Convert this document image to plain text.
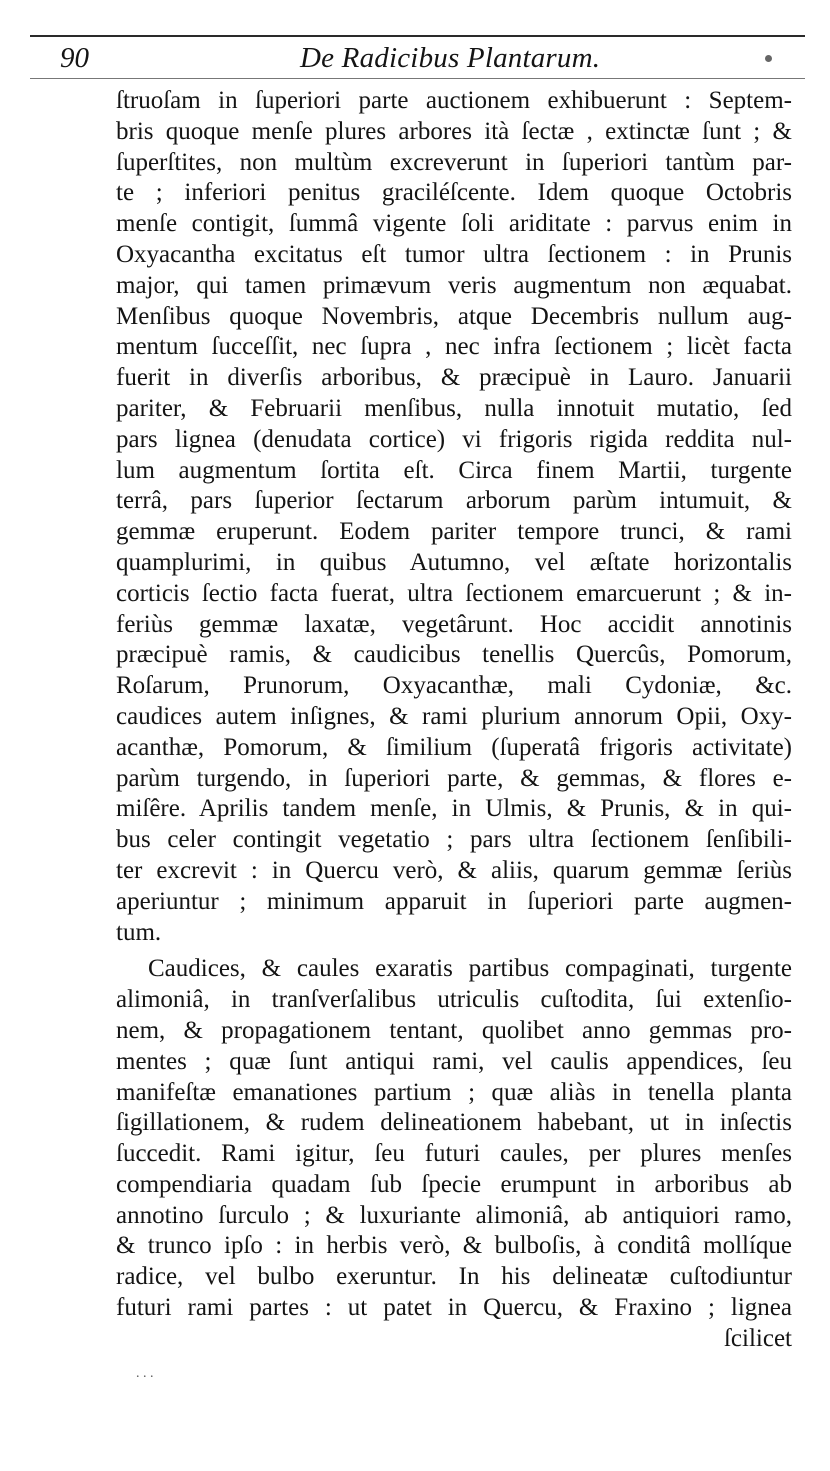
90	De Radicibus Plantarum.
ſtruoſam in ſuperiori parte auctionem exhibuerunt : Septem-
bris quoque menſe plures arbores ità ſectæ , extinctæ ſunt ; &
ſuperſtites, non multùm excreverunt in ſuperiori tantùm par-
te ; inferiori penitus graciléſcente. Idem quoque Octobris
menſe contigit, ſummâ vigente ſoli ariditate : parvus enim in
Oxyacantha excitatus eſt tumor ultra ſectionem : in Prunis
major, qui tamen primævum veris augmentum non æquabat.
Menſibus quoque Novembris, atque Decembris nullum aug-
mentum ſucceſſit, nec ſupra , nec infra ſectionem ; licèt facta
fuerit in diverſis arboribus, & præcipuè in Lauro. Januarii
pariter, & Februarii menſibus, nulla innotuit mutatio, ſed
pars lignea (denudata cortice) vi frigoris rigida reddita nul-
lum augmentum ſortita eſt. Circa finem Martii, turgente
terrâ, pars ſuperior ſectarum arborum parùm intumuit, &
gemmæ eruperunt. Eodem pariter tempore trunci, & rami
quamplurimi, in quibus Autumno, vel æſtate horizontalis
corticis ſectio facta fuerat, ultra ſectionem emarcuerunt ; & in-
feriùs gemmæ laxatæ, vegetârunt. Hoc accidit annotinis
præcipuè ramis, & caudicibus tenellis Quercûs, Pomorum,
Roſarum, Prunorum, Oxyacanthæ, mali Cydoniæ, &c.
caudices autem inſignes, & rami plurium annorum Opii, Oxy-
acanthæ, Pomorum, & ſimilium (ſuperatâ frigoris activitate)
parùm turgendo, in ſuperiori parte, & gemmas, & flores e-
miſêre. Aprilis tandem menſe, in Ulmis, & Prunis, & in qui-
bus celer contingit vegetatio ; pars ultra ſectionem ſenſibili-
ter excrevit : in Quercu verò, & aliis, quarum gemmæ ſeriùs
aperiuntur ; minimum apparuit in ſuperiori parte augmen-
tum.
Caudices, & caules exaratis partibus compaginati, turgente
alimoniâ, in tranſverſalibus utriculis cuſtodita, ſui extenſio-
nem, & propagationem tentant, quolibet anno gemmas pro-
mentes ; quæ ſunt antiqui rami, vel caulis appendices, ſeu
manifeſtæ emanationes partium ; quæ aliàs in tenella planta
ſigillationem, & rudem delineationem habebant, ut in inſectis
ſuccedit. Rami igitur, ſeu futuri caules, per plures menſes
compendiaria quadam ſub ſpecie erumpunt in arboribus ab
annotino ſurculo ; & luxuriante alimoniâ, ab antiquiori ramo,
& trunco ipſo : in herbis verò, & bulboſis, à conditâ mollíque
radice, vel bulbo exeruntur. In his delineatæ cuſtodiuntur
futuri rami partes : ut patet in Quercu, & Fraxino ; lignea
ſcilicet
. . .
